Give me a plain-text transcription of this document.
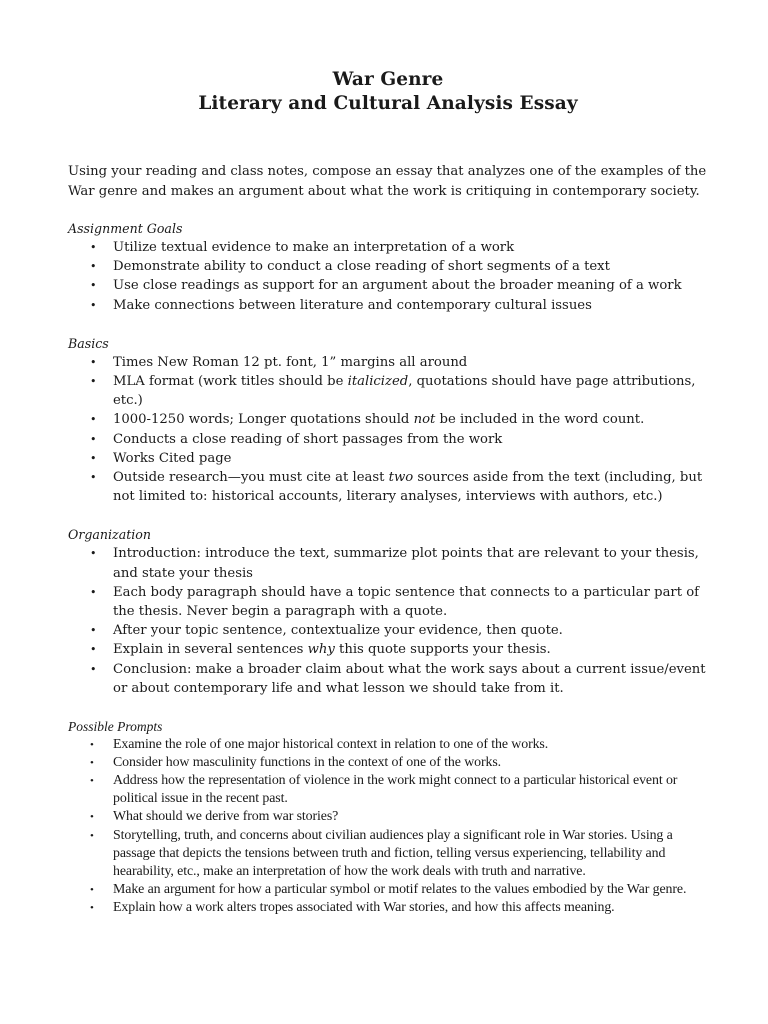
War Genre
Literary and Cultural Analysis Essay

Using your reading and class notes, compose an essay that analyzes one of the examples of the War genre and makes an argument about what the work is critiquing in contemporary society.

Assignment Goals

• Utilize textual evidence to make an interpretation of a work
• Demonstrate ability to conduct a close reading of short segments of a text
• Use close readings as support for an argument about the broader meaning of a work
• Make connections between literature and contemporary cultural issues

Basics

• Times New Roman 12 pt. font, 1” margins all around
• MLA format (work titles should be italicized, quotations should have page attributions, etc.)
• 1000-1250 words; Longer quotations should not be included in the word count.
• Conducts a close reading of short passages from the work
• Works Cited page
• Outside research—you must cite at least two sources aside from the text (including, but not limited to: historical accounts, literary analyses, interviews with authors, etc.)

Organization

• Introduction: introduce the text, summarize plot points that are relevant to your thesis, and state your thesis
• Each body paragraph should have a topic sentence that connects to a particular part of the thesis. Never begin a paragraph with a quote.
• After your topic sentence, contextualize your evidence, then quote.
• Explain in several sentences why this quote supports your thesis.
• Conclusion: make a broader claim about what the work says about a current issue/event or about contemporary life and what lesson we should take from it.

Possible Prompts

• Examine the role of one major historical context in relation to one of the works.
• Consider how masculinity functions in the context of one of the works.
• Address how the representation of violence in the work might connect to a particular historical event or political issue in the recent past.
• What should we derive from war stories?
• Storytelling, truth, and concerns about civilian audiences play a significant role in War stories. Using a passage that depicts the tensions between truth and fiction, telling versus experiencing, tellability and hearability, etc., make an interpretation of how the work deals with truth and narrative.
• Make an argument for how a particular symbol or motif relates to the values embodied by the War genre.
• Explain how a work alters tropes associated with War stories, and how this affects meaning.
